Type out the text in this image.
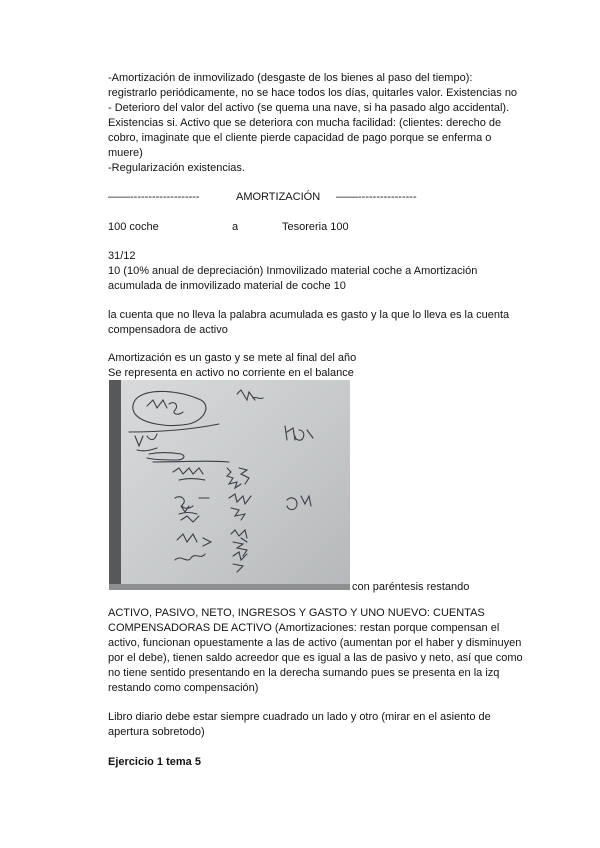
-Amortización de inmovilizado (desgaste de los bienes al paso del tiempo):
registrarlo periódicamente, no se hace todos los días, quitarles valor. Existencias no
- Deterioro del valor del activo (se quema una nave, si ha pasado algo accidental).
Existencias si. Activo que se deteriora con mucha facilidad: (clientes: derecho de
cobro, imaginate que el cliente pierde capacidad de pago porque se enferma o
muere)
-Regularización existencias.
——-------------------	AMORTIZACIÓN ——----------------
100 coche	a	Tesoreria 100
31/12
10 (10% anual de depreciación) Inmovilizado material coche a Amortización
acumulada de inmovilizado material de coche 10
la cuenta que no lleva la palabra acumulada es gasto y la que lo lleva es la cuenta
compensadora de activo
Amortización es un gasto y se mete al final del año
Se representa en activo no corriente en el balance
con paréntesis restando
ACTIVO, PASIVO, NETO, INGRESOS Y GASTO Y UNO NUEVO: CUENTAS
COMPENSADORAS DE ACTIVO (Amortizaciones: restan porque compensan el
activo, funcionan opuestamente a las de activo (aumentan por el haber y disminuyen
por el debe), tienen saldo acreedor que es igual a las de pasivo y neto, así que como
no tiene sentido presentando en la derecha sumando pues se presenta en la izq
restando como compensación)
Libro diario debe estar siempre cuadrado un lado y otro (mirar en el asiento de
apertura sobretodo)
Ejercicio 1 tema 5
